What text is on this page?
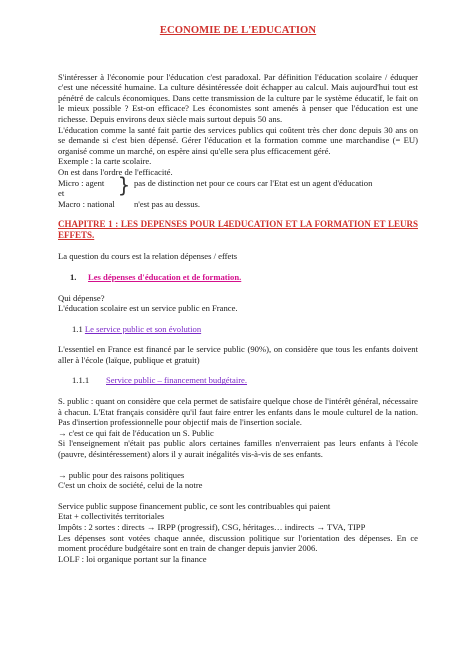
ECONOMIE DE L'EDUCATION

S'intéresser à l'économie pour l'éducation c'est paradoxal. Par définition l'éducation scolaire / éduquer c'est une nécessité humaine. La culture désintéressée doit échapper au calcul. Mais aujourd'hui tout est pénétré de calculs économiques. Dans cette transmission de la culture par le système éducatif, le fait on le mieux possible ? Est-on efficace? Les économistes sont amenés à penser que l'éducation est une richesse. Depuis environs deux siècle mais surtout depuis 50 ans.

L'éducation comme la santé fait partie des services publics qui coûtent très cher donc depuis 30 ans on se demande si c'est bien dépensé. Gérer l'éducation et la formation comme une marchandise (= EU) organisé comme un marché, on espère ainsi qu'elle sera plus efficacement géré.

Exemple : la carte scolaire.

On est dans l'ordre de l'efficacité.

Micro : agent
et	} pas de distinction net pour ce cours car l'Etat est un agent d'éducation
Macro : national	n'est pas au dessus.

CHAPITRE 1 : LES DEPENSES POUR L4EDUCATION ET LA FORMATION ET LEURS EFFETS.

La question du cours est la relation dépenses / effets

1.	Les dépenses d'éducation et de formation.

Qui dépense?

L'éducation scolaire est un service public en France.

1.1 Le service public et son évolution

L'essentiel en France est financé par le service public (90%), on considère que tous les enfants doivent aller à l'école (laïque, publique et gratuit)

1.1.1	Service public – financement budgétaire.

S. public : quant on considère que cela permet de satisfaire quelque chose de l'intérêt général, nécessaire à chacun. L'Etat français considère qu'il faut faire entrer les enfants dans le moule culturel de la nation. Pas d'insertion professionnelle pour objectif mais de l'insertion sociale.

→ c'est ce qui fait de l'éducation un S. Public

Si l'enseignement n'était pas public alors certaines familles n'enverraient pas leurs enfants à l'école (pauvre, désintéressement) alors il y aurait inégalités vis-à-vis de ses enfants.

→ public pour des raisons politiques

C'est un choix de société, celui de la notre

Service public suppose financement public, ce sont les contribuables qui paient

Etat + collectivités territoriales

Impôts : 2 sortes : directs → IRPP (progressif), CSG, héritages… indirects → TVA, TIPP

Les dépenses sont votées chaque année, discussion politique sur l'orientation des dépenses. En ce moment procédure budgétaire sont en train de changer depuis janvier 2006.

LOLF : loi organique portant sur la finance
